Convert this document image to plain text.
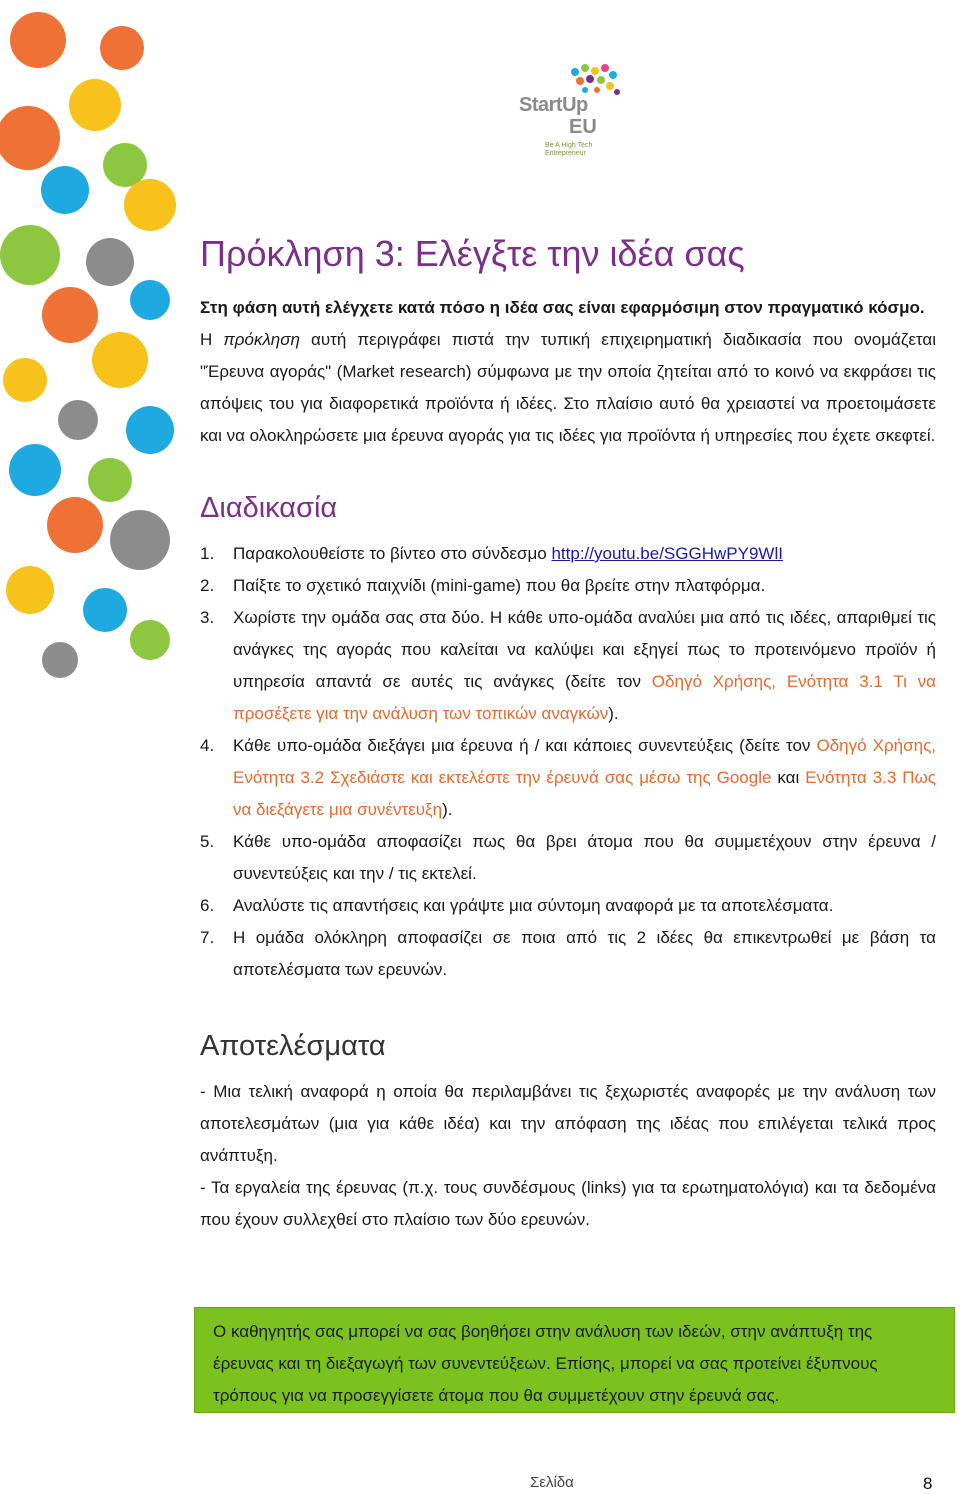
StartUp
EU
Be A High Tech Entrepreneur
Πρόκληση 3: Ελέγξτε την ιδέα σας
Στη φάση αυτή ελέγχετε κατά πόσο η ιδέα σας είναι εφαρμόσιμη στον πραγματικό κόσμο.
Η πρόκληση αυτή περιγράφει πιστά την τυπική επιχειρηματική διαδικασία που ονομάζεται "Έρευνα αγοράς" (Market research) σύμφωνα με την οποία ζητείται από το κοινό να εκφράσει τις απόψεις του για διαφορετικά προϊόντα ή ιδέες. Στο πλαίσιο αυτό θα χρειαστεί να προετοιμάσετε και να ολοκληρώσετε μια έρευνα αγοράς για τις ιδέες για προϊόντα ή υπηρεσίες που έχετε σκεφτεί.
Διαδικασία
1. Παρακολουθείστε το βίντεο στο σύνδεσμο http://youtu.be/SGGHwPY9WlI
2. Παίξτε το σχετικό παιχνίδι (mini-game) που θα βρείτε στην πλατφόρμα.
3. Χωρίστε την ομάδα σας στα δύο. Η κάθε υπο-ομάδα αναλύει μια από τις ιδέες, απαριθμεί τις ανάγκες της αγοράς που καλείται να καλύψει και εξηγεί πως το προτεινόμενο προϊόν ή υπηρεσία απαντά σε αυτές τις ανάγκες (δείτε τον Οδηγό Χρήσης, Ενότητα 3.1 Τι να προσέξετε για την ανάλυση των τοπικών αναγκών).
4. Κάθε υπο-ομάδα διεξάγει μια έρευνα ή / και κάποιες συνεντεύξεις (δείτε τον Οδηγό Χρήσης, Ενότητα 3.2 Σχεδιάστε και εκτελέστε την έρευνά σας μέσω της Google και Ενότητα 3.3 Πως να διεξάγετε μια συνέντευξη).
5. Κάθε υπο-ομάδα αποφασίζει πως θα βρει άτομα που θα συμμετέχουν στην έρευνα / συνεντεύξεις και την / τις εκτελεί.
6. Αναλύστε τις απαντήσεις και γράψτε μια σύντομη αναφορά με τα αποτελέσματα.
7. Η ομάδα ολόκληρη αποφασίζει σε ποια από τις 2 ιδέες θα επικεντρωθεί με βάση τα αποτελέσματα των ερευνών.
Αποτελέσματα
- Μια τελική αναφορά η οποία θα περιλαμβάνει τις ξεχωριστές αναφορές με την ανάλυση των αποτελεσμάτων (μια για κάθε ιδέα) και την απόφαση της ιδέας που επιλέγεται τελικά προς ανάπτυξη.
- Τα εργαλεία της έρευνας (π.χ. τους συνδέσμους (links) για τα ερωτηματολόγια) και τα δεδομένα που έχουν συλλεχθεί στο πλαίσιο των δύο ερευνών.
Ο καθηγητής σας μπορεί να σας βοηθήσει στην ανάλυση των ιδεών, στην ανάπτυξη της έρευνας και τη διεξαγωγή των συνεντεύξεων. Επίσης, μπορεί να σας προτείνει έξυπνους τρόπους για να προσεγγίσετε άτομα που θα συμμετέχουν στην έρευνά σας.
Σελίδα	8
